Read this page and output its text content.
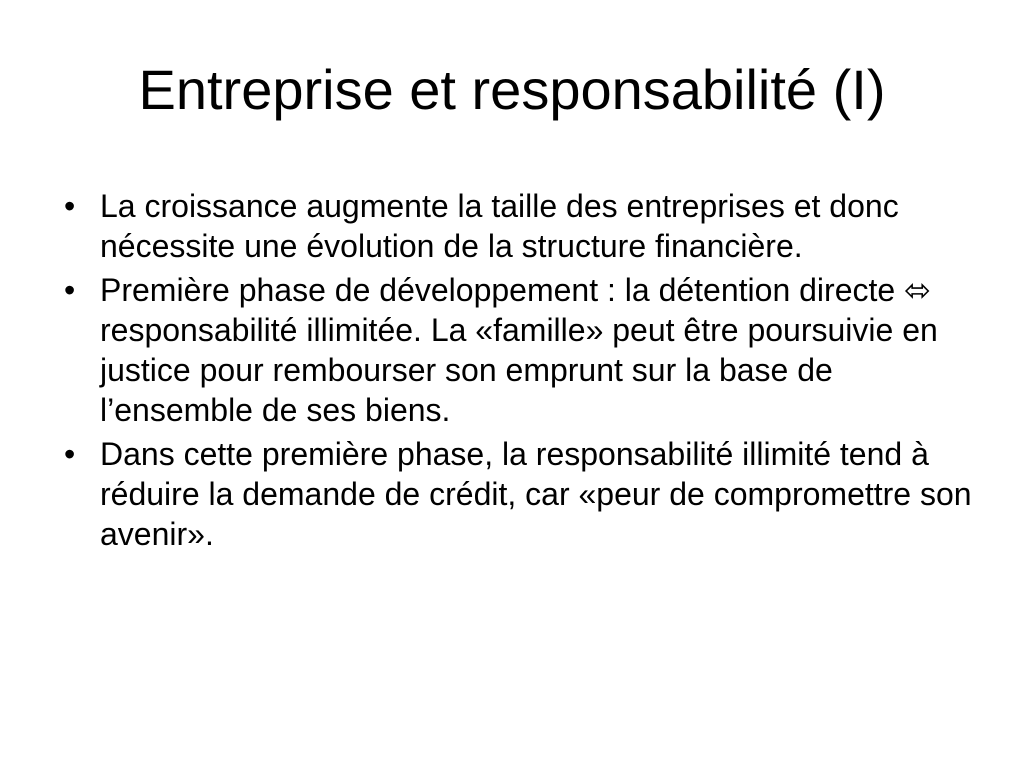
Entreprise et responsabilité (I)
• La croissance augmente la taille des entreprises et donc nécessite une évolution de la structure financière.
• Première phase de développement : la détention directe ⬄ responsabilité illimitée. La «famille» peut être poursuivie en justice pour rembourser son emprunt sur la base de l’ensemble de ses biens.
• Dans cette première phase, la responsabilité illimité tend à réduire la demande de crédit, car «peur de compromettre son avenir».
